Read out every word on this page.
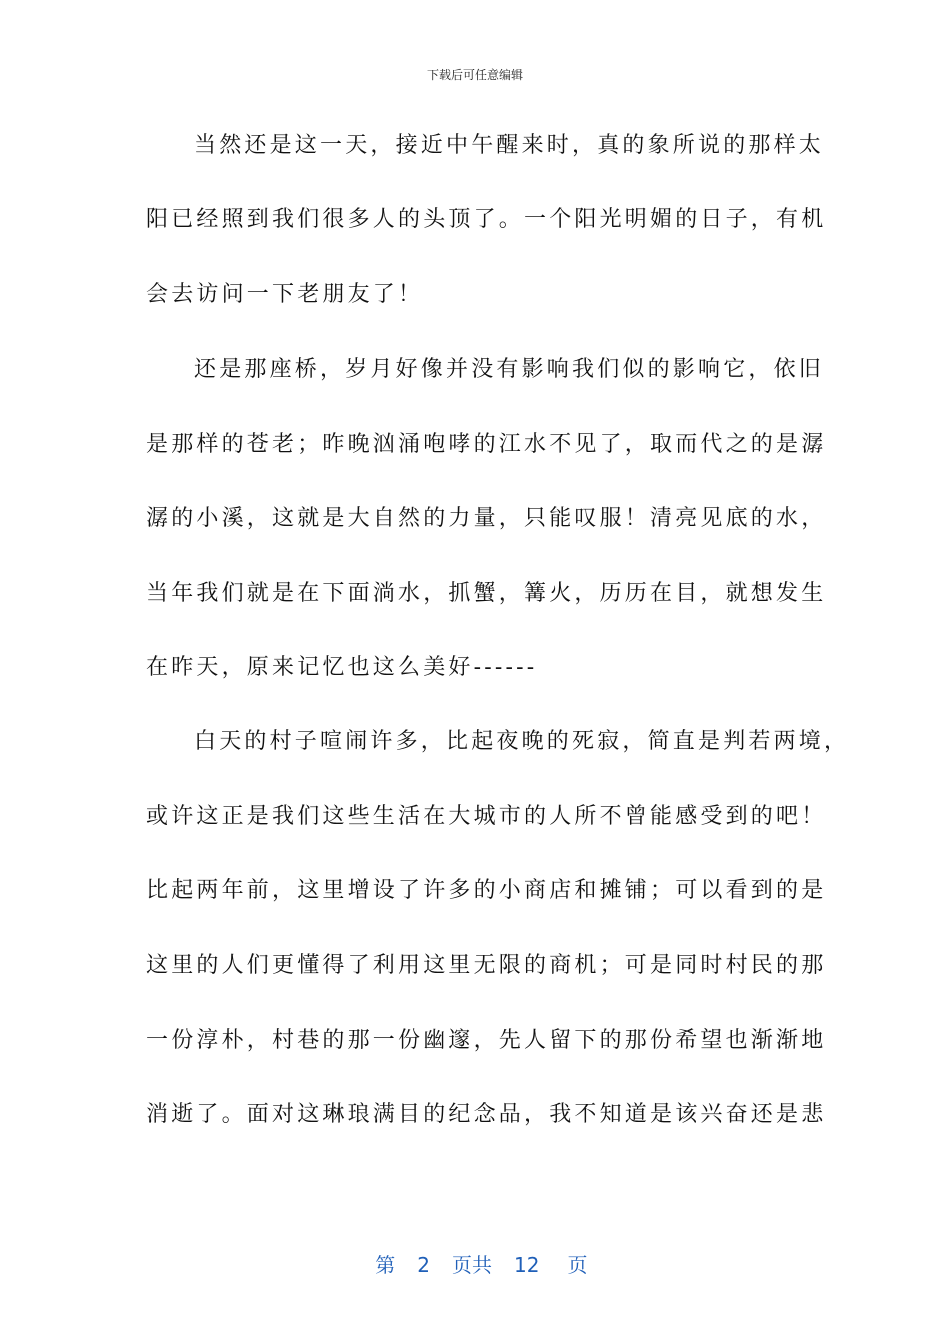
下载后可任意编辑
当然还是这一天，接近中午醒来时，真的象所说的那样太
阳已经照到我们很多人的头顶了。一个阳光明媚的日子，有机
会去访问一下老朋友了！
还是那座桥，岁月好像并没有影响我们似的影响它，依旧
是那样的苍老；昨晚汹涌咆哮的江水不见了，取而代之的是潺
潺的小溪，这就是大自然的力量，只能叹服！清亮见底的水，
当年我们就是在下面淌水，抓蟹，篝火，历历在目，就想发生
在昨天，原来记忆也这么美好------
白天的村子喧闹许多，比起夜晚的死寂，简直是判若两境，
或许这正是我们这些生活在大城市的人所不曾能感受到的吧！
比起两年前，这里增设了许多的小商店和摊铺；可以看到的是
这里的人们更懂得了利用这里无限的商机；可是同时村民的那
一份淳朴，村巷的那一份幽邃，先人留下的那份希望也渐渐地
消逝了。面对这琳琅满目的纪念品，我不知道是该兴奋还是悲

第 2 页共 12 页
